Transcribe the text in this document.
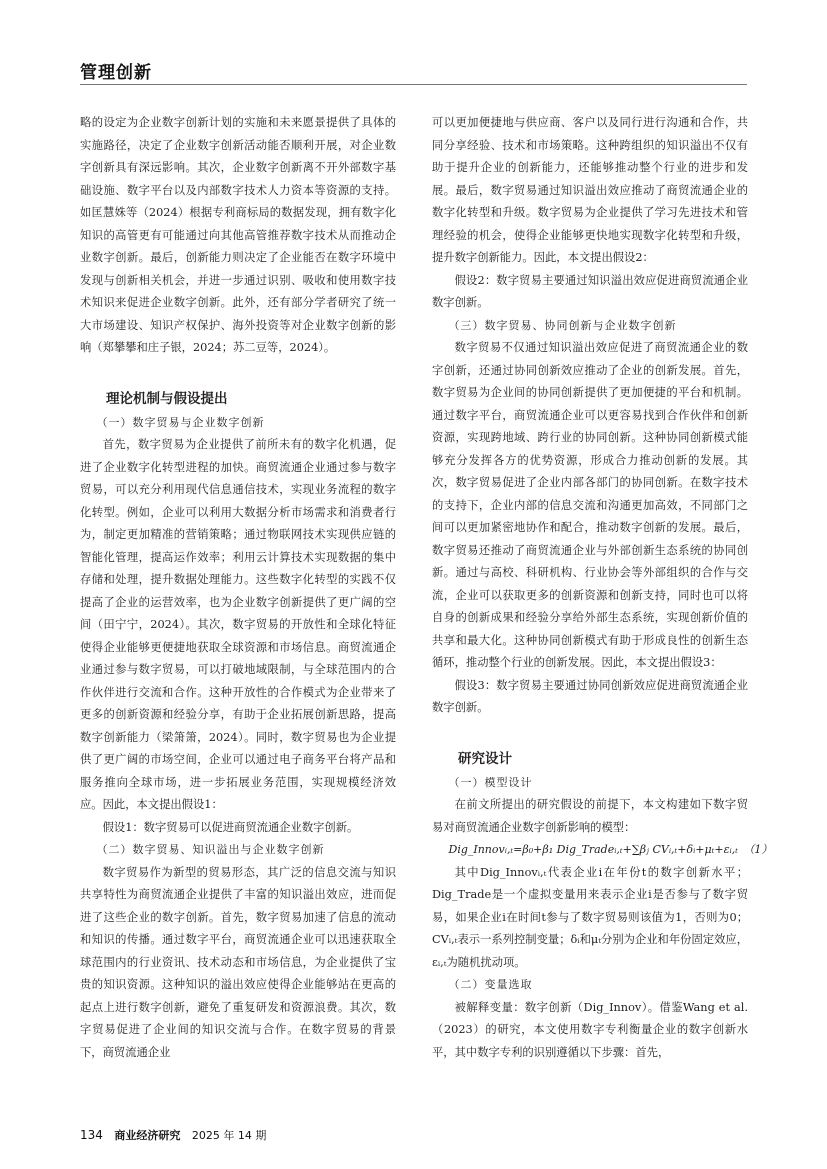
管理创新

略的设定为企业数字创新计划的实施和未来愿景提供了具体的实施路径，决定了企业数字创新活动能否顺利开展，对企业数字创新具有深远影响。其次，企业数字创新离不开外部数字基础设施、数字平台以及内部数字技术人力资本等资源的支持。如匡慧姝等（2024）根据专利商标局的数据发现，拥有数字化知识的高管更有可能通过向其他高管推荐数字技术从而推动企业数字创新。最后，创新能力则决定了企业能否在数字环境中发现与创新相关机会，并进一步通过识别、吸收和使用数字技术知识来促进企业数字创新。此外，还有部分学者研究了统一大市场建设、知识产权保护、海外投资等对企业数字创新的影响（郑攀攀和庄子银，2024；苏二豆等，2024）。

理论机制与假设提出

（一）数字贸易与企业数字创新

首先，数字贸易为企业提供了前所未有的数字化机遇，促进了企业数字化转型进程的加快。商贸流通企业通过参与数字贸易，可以充分利用现代信息通信技术，实现业务流程的数字化转型。例如，企业可以利用大数据分析市场需求和消费者行为，制定更加精准的营销策略；通过物联网技术实现供应链的智能化管理，提高运作效率；利用云计算技术实现数据的集中存储和处理，提升数据处理能力。这些数字化转型的实践不仅提高了企业的运营效率，也为企业数字创新提供了更广阔的空间（田宁宁，2024）。其次，数字贸易的开放性和全球化特征使得企业能够更便捷地获取全球资源和市场信息。商贸流通企业通过参与数字贸易，可以打破地域限制，与全球范围内的合作伙伴进行交流和合作。这种开放性的合作模式为企业带来了更多的创新资源和经验分享，有助于企业拓展创新思路，提高数字创新能力（梁箫箫，2024）。同时，数字贸易也为企业提供了更广阔的市场空间，企业可以通过电子商务平台将产品和服务推向全球市场，进一步拓展业务范围，实现规模经济效应。因此，本文提出假设1：

假设1：数字贸易可以促进商贸流通企业数字创新。

（二）数字贸易、知识溢出与企业数字创新

数字贸易作为新型的贸易形态，其广泛的信息交流与知识共享特性为商贸流通企业提供了丰富的知识溢出效应，进而促进了这些企业的数字创新。首先，数字贸易加速了信息的流动和知识的传播。通过数字平台，商贸流通企业可以迅速获取全球范围内的行业资讯、技术动态和市场信息，为企业提供了宝贵的知识资源。这种知识的溢出效应使得企业能够站在更高的起点上进行数字创新，避免了重复研发和资源浪费。其次，数字贸易促进了企业间的知识交流与合作。在数字贸易的背景下，商贸流通企业

可以更加便捷地与供应商、客户以及同行进行沟通和合作，共同分享经验、技术和市场策略。这种跨组织的知识溢出不仅有助于提升企业的创新能力，还能够推动整个行业的进步和发展。最后，数字贸易通过知识溢出效应推动了商贸流通企业的数字化转型和升级。数字贸易为企业提供了学习先进技术和管理经验的机会，使得企业能够更快地实现数字化转型和升级，提升数字创新能力。因此，本文提出假设2：

假设2：数字贸易主要通过知识溢出效应促进商贸流通企业数字创新。

（三）数字贸易、协同创新与企业数字创新

数字贸易不仅通过知识溢出效应促进了商贸流通企业的数字创新，还通过协同创新效应推动了企业的创新发展。首先，数字贸易为企业间的协同创新提供了更加便捷的平台和机制。通过数字平台，商贸流通企业可以更容易找到合作伙伴和创新资源，实现跨地域、跨行业的协同创新。这种协同创新模式能够充分发挥各方的优势资源，形成合力推动创新的发展。其次，数字贸易促进了企业内部各部门的协同创新。在数字技术的支持下，企业内部的信息交流和沟通更加高效，不同部门之间可以更加紧密地协作和配合，推动数字创新的发展。最后，数字贸易还推动了商贸流通企业与外部创新生态系统的协同创新。通过与高校、科研机构、行业协会等外部组织的合作与交流，企业可以获取更多的创新资源和创新支持，同时也可以将自身的创新成果和经验分享给外部生态系统，实现创新价值的共享和最大化。这种协同创新模式有助于形成良性的创新生态循环，推动整个行业的创新发展。因此，本文提出假设3：

假设3：数字贸易主要通过协同创新效应促进商贸流通企业数字创新。

研究设计

（一）模型设计

在前文所提出的研究假设的前提下，本文构建如下数字贸易对商贸流通企业数字创新影响的模型：

Dig_Innovᵢ,ₜ=β₀+β₁ Dig_Tradeᵢ,ₜ+∑βⱼ CVᵢ,ₜ+δᵢ+μₜ+εᵢ,ₜ　（1）

其中Dig_Innovᵢ,ₜ代表企业i在年份t的数字创新水平；Dig_Trade是一个虚拟变量用来表示企业i是否参与了数字贸易，如果企业i在时间t参与了数字贸易则该值为1，否则为0；CVᵢ,ₜ表示一系列控制变量；δᵢ和μₜ分别为企业和年份固定效应，εᵢ,ₜ为随机扰动项。

（二）变量选取

被解释变量：数字创新（Dig_Innov）。借鉴Wang et al.（2023）的研究，本文使用数字专利衡量企业的数字创新水平，其中数字专利的识别遵循以下步骤：首先，

134 商业经济研究 2025 年 14 期
